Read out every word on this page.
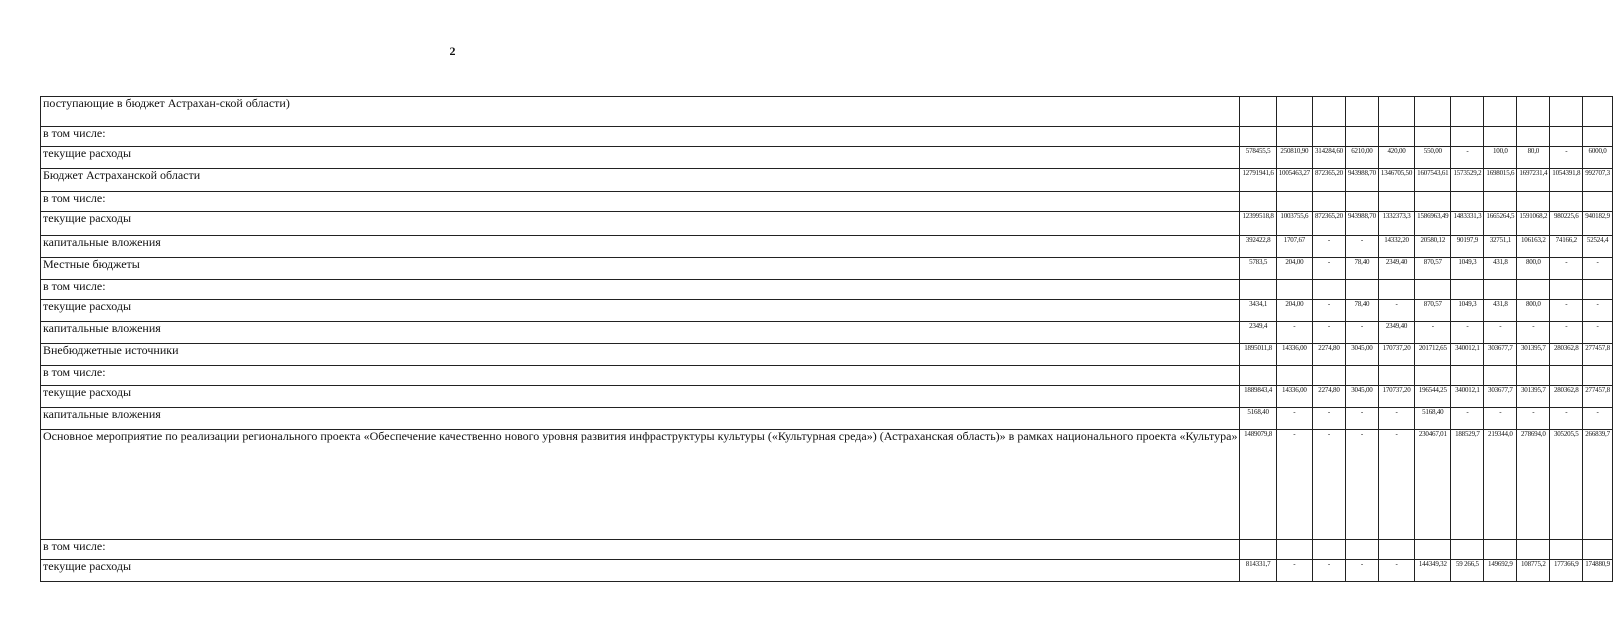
2
поступающие в бюджет Астрахан-ской области)											
в том числе:											
текущие расходы	578455,5	250810,90	314284,60	6210,00	420,00	550,00	-	100,0	80,0	-	6000,0
Бюджет Астраханской области	12791941,6	1005463,27	872365,20	943988,70	1346705,50	1607543,61	1573529,2	1698015,6	1697231,4	1054391,8	992707,3
в том числе:											
текущие расходы	12399518,8	1003755,6	872365,20	943988,70	1332373,3	1586963,49	1483331,3	1665264,5	1591068,2	980225,6	940182,9
капитальные вложения	392422,8	1707,67	-	-	14332,20	20580,12	90197,9	32751,1	106163,2	74166,2	52524,4
Местные бюджеты	5783,5	204,00	-	78,40	2349,40	870,57	1049,3	431,8	800,0	-	-
в том числе:											
текущие расходы	3434,1	204,00	-	78,40	-	870,57	1049,3	431,8	800,0	-	-
капитальные вложения	2349,4	-	-	-	2349,40	-	-	-	-	-	-
Внебюджетные источники	1895011,8	14336,00	2274,80	3045,00	170737,20	201712,65	340012,1	303677,7	301395,7	280362,8	277457,8
в том числе:											
текущие расходы	1889843,4	14336,00	2274,80	3045,00	170737,20	196544,25	340012,1	303677,7	301395,7	280362,8	277457,8
капитальные вложения	5168,40	-	-	-	-	5168,40	-	-	-	-	-
Основное мероприятие по реализации регионального проекта «Обеспечение качественно нового уровня развития инфраструктуры культуры («Культурная среда») (Астраханская область)» в рамках национального проекта «Культура»	1489079,8	-	-	-	-	230467,01	188529,7	219344,0	278694,0	305205,5	266839,7
в том числе:											
текущие расходы	814331,7	-	-	-	-	144349,32	59 266,5	149692,9	108775,2	177366,9	174880,9
